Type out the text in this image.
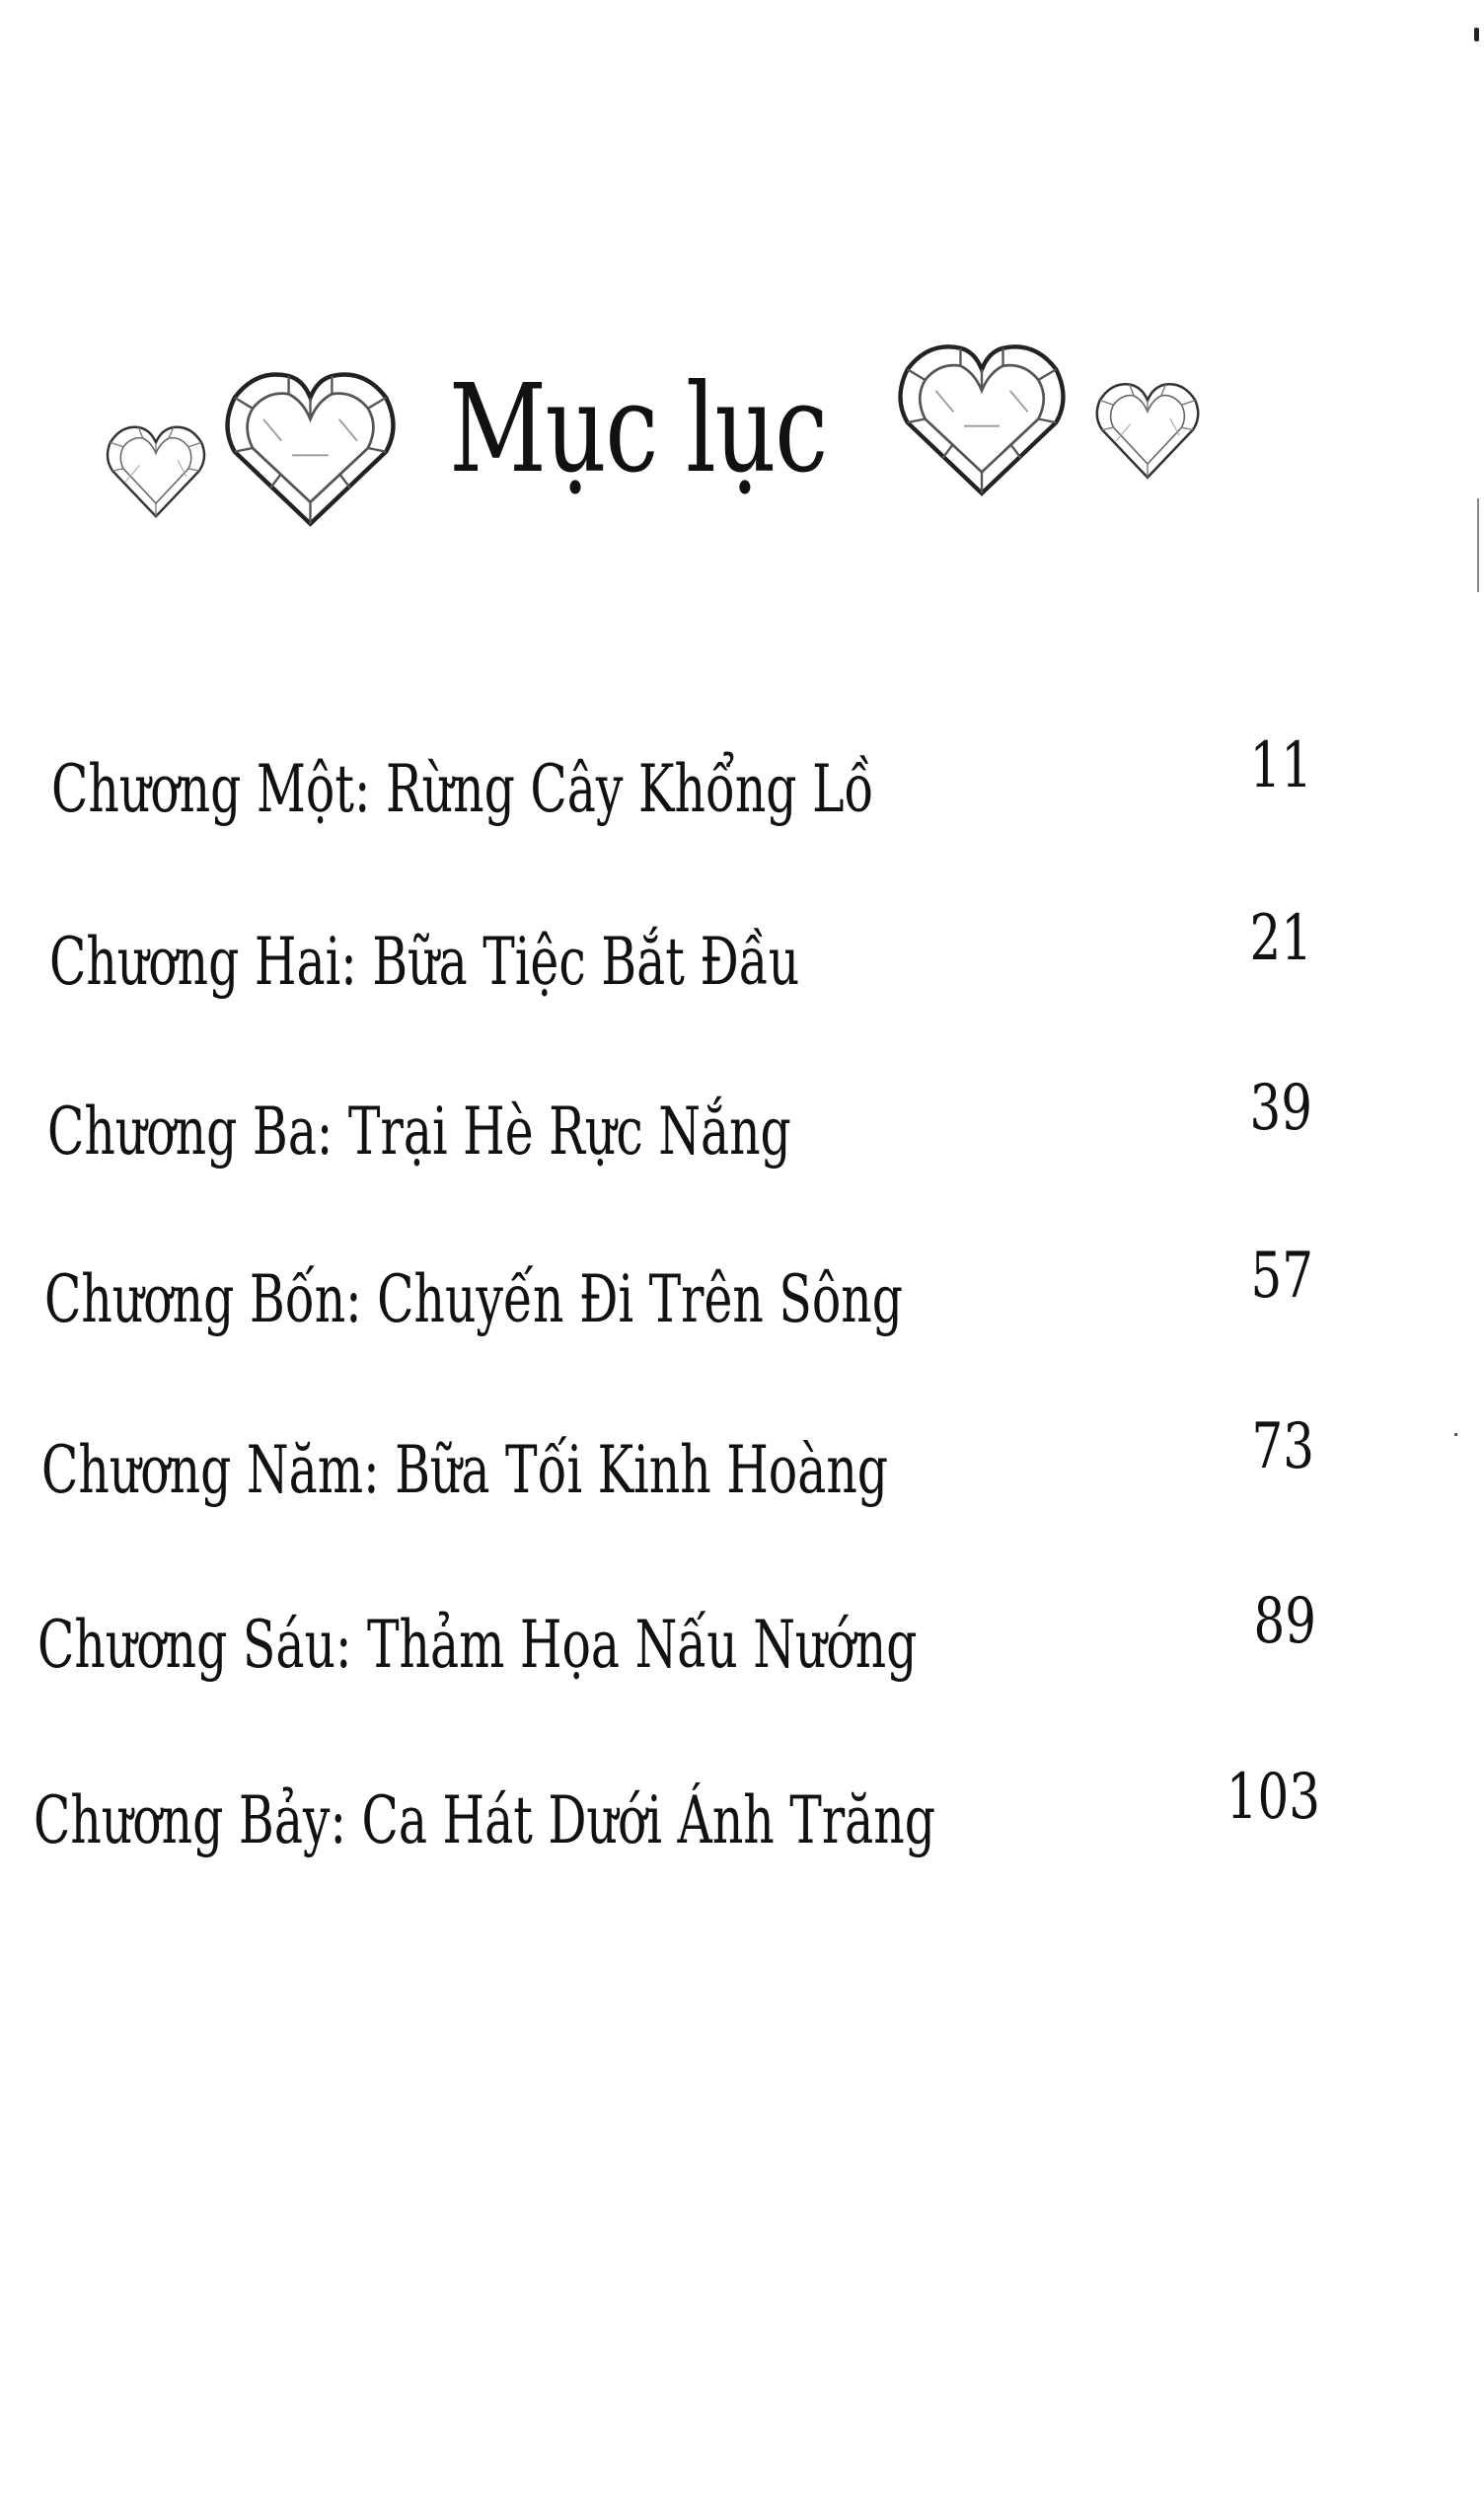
Mục lục
Chương Một: Rừng Cây Khổng Lồ	11
Chương Hai: Bữa Tiệc Bắt Đầu	21
Chương Ba: Trại Hè Rực Nắng	39
Chương Bốn: Chuyến Đi Trên Sông	57
Chương Năm: Bữa Tối Kinh Hoàng	73
Chương Sáu: Thảm Họa Nấu Nướng	89
Chương Bảy: Ca Hát Dưới Ánh Trăng	103
